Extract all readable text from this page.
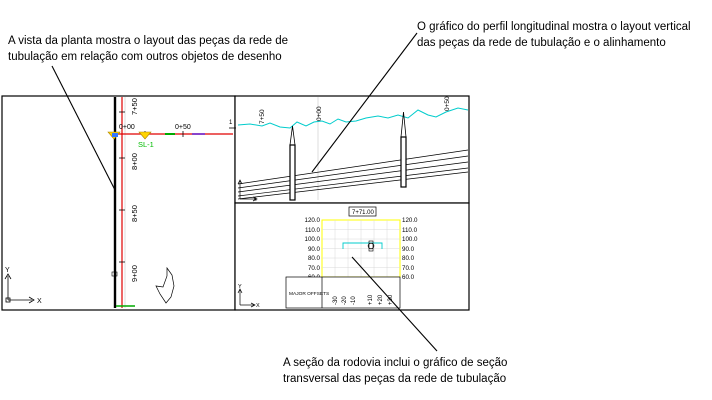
A vista da planta mostra o layout das peças da rede de
tubulação em relação com outros objetos de desenho
O gráfico do perfil longitudinal mostra o layout vertical
das peças da rede de tubulação e o alinhamento
A seção da rodovia inclui o gráfico de seção
transversal das peças da rede de tubulação
7+50
8+00
8+50
9+00
0+00	0+50
SL-1
Y
X
7+50	0+00
0+50
1
X
7+71.00
120.0
110.0
100.0
90.0
80.0
70.0
120.0
110.0
100.0
90.0
80.0
70.0
60.0
MAJOR OFFSETS
-30 -20 -10 +10 +20 +30
Y
X
